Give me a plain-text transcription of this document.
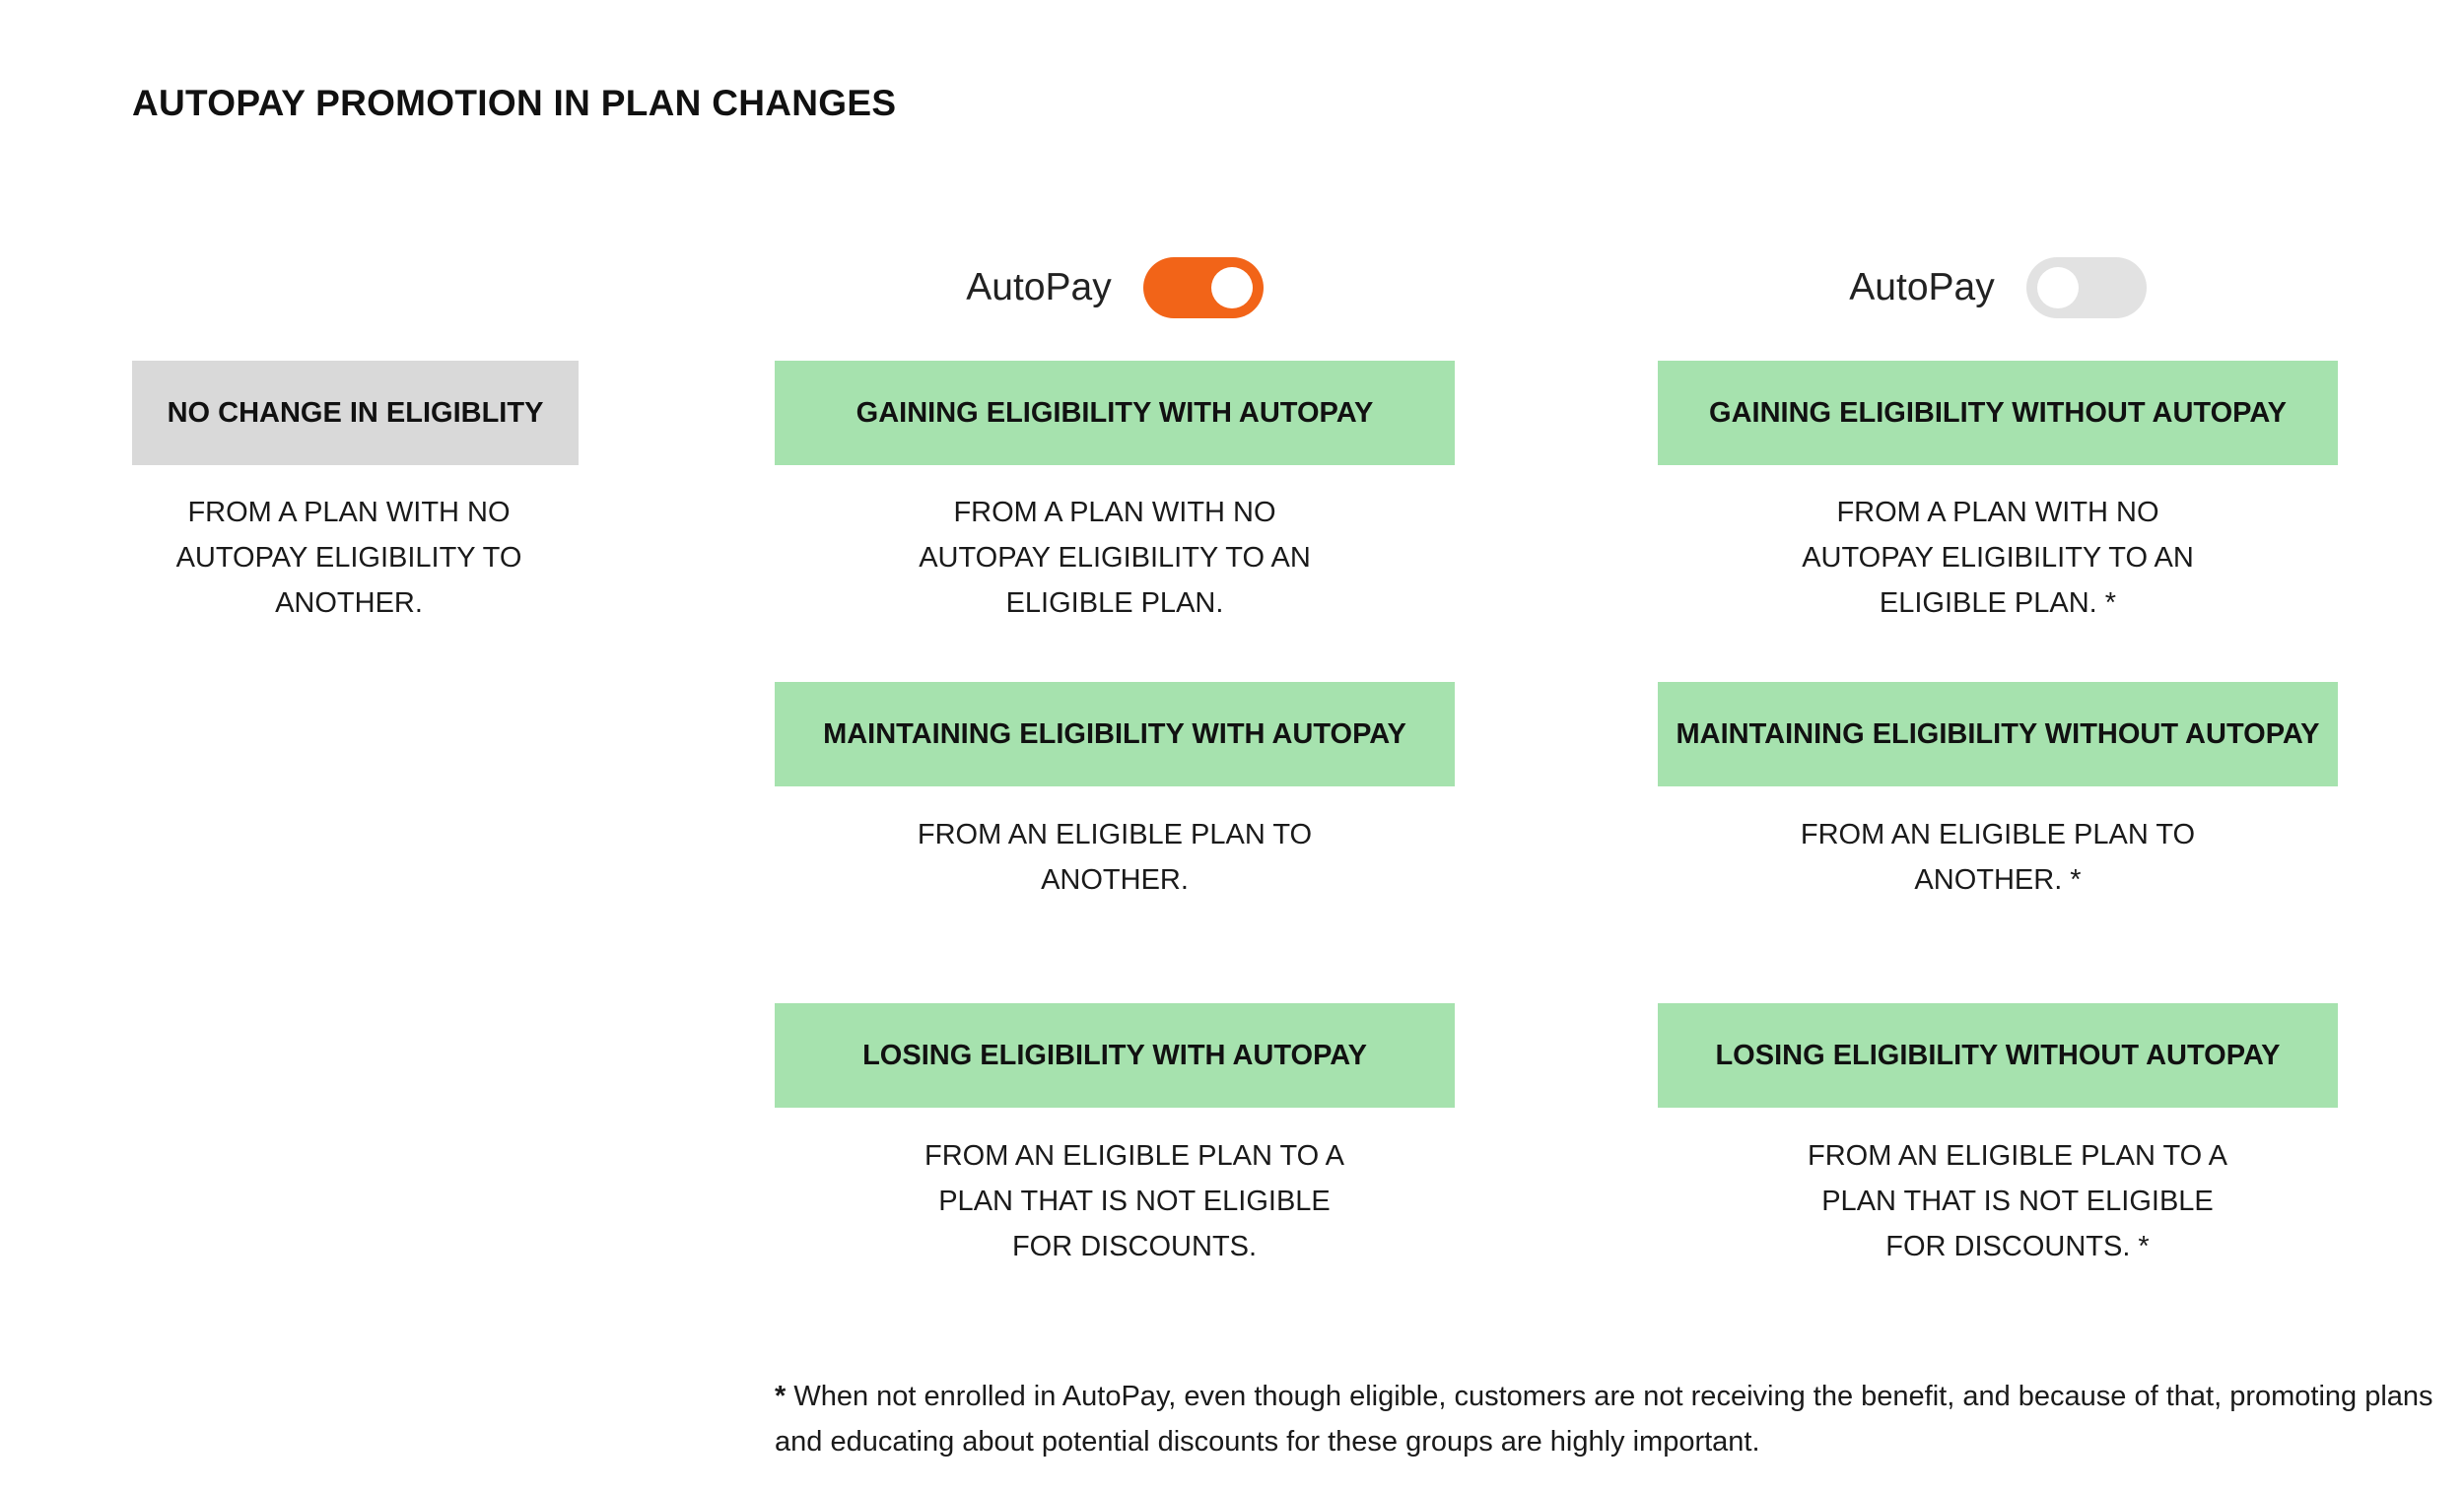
AUTOPAY PROMOTION IN PLAN CHANGES
AutoPay	AutoPay
NO CHANGE IN ELIGIBLITY
FROM A PLAN WITH NO
AUTOPAY ELIGIBILITY TO
ANOTHER.
GAINING ELIGIBILITY WITH AUTOPAY
FROM A PLAN WITH NO
AUTOPAY ELIGIBILITY TO AN
ELIGIBLE PLAN.
MAINTAINING ELIGIBILITY WITH AUTOPAY
FROM AN ELIGIBLE PLAN TO
ANOTHER.
LOSING ELIGIBILITY WITH AUTOPAY
FROM AN ELIGIBLE PLAN TO A
PLAN THAT IS NOT ELIGIBLE
FOR DISCOUNTS.
GAINING ELIGIBILITY WITHOUT AUTOPAY
FROM A PLAN WITH NO
AUTOPAY ELIGIBILITY TO AN
ELIGIBLE PLAN. *
MAINTAINING ELIGIBILITY WITHOUT AUTOPAY
FROM AN ELIGIBLE PLAN TO
ANOTHER. *
LOSING ELIGIBILITY WITHOUT AUTOPAY
FROM AN ELIGIBLE PLAN TO A
PLAN THAT IS NOT ELIGIBLE
FOR DISCOUNTS. *
* When not enrolled in AutoPay, even though eligible, customers are not receiving the benefit, and because of that, promoting plans and educating about potential discounts for these groups are highly important.
